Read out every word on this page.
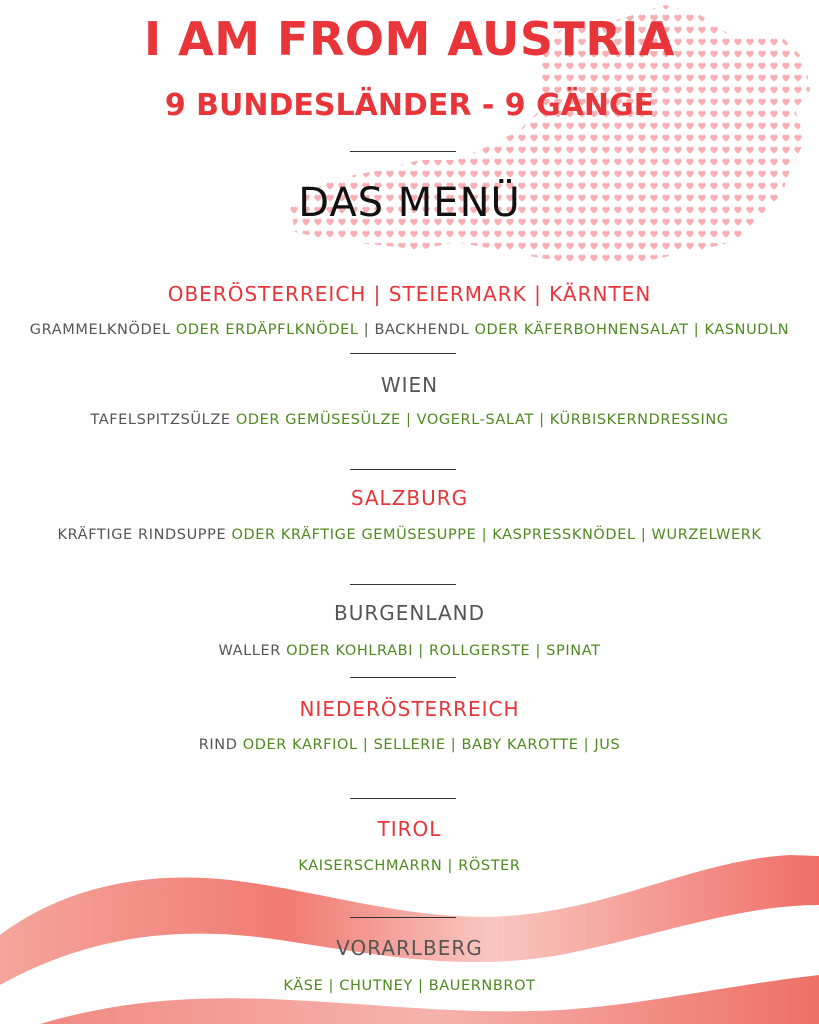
I AM FROM AUSTRIA
9 BUNDESLÄNDER - 9 GÄNGE
DAS MENÜ
OBERÖSTERREICH | STEIERMARK | KÄRNTEN
GRAMMELKNÖDEL ODER ERDÄPFLKNÖDEL | BACKHENDL ODER KÄFERBOHNENSALAT | KASNUDLN
WIEN
TAFELSPITZSÜLZE ODER GEMÜSESÜLZE | VOGERL-SALAT | KÜRBISKERNDRESSING
SALZBURG
KRÄFTIGE RINDSUPPE ODER KRÄFTIGE GEMÜSESUPPE | KASPRESSKNÖDEL | WURZELWERK
BURGENLAND
WALLER ODER KOHLRABI | ROLLGERSTE | SPINAT
NIEDERÖSTERREICH
RIND ODER KARFIOL | SELLERIE | BABY KAROTTE | JUS
TIROL
KAISERSCHMARRN | RÖSTER
VORARLBERG
KÄSE | CHUTNEY | BAUERNBROT
